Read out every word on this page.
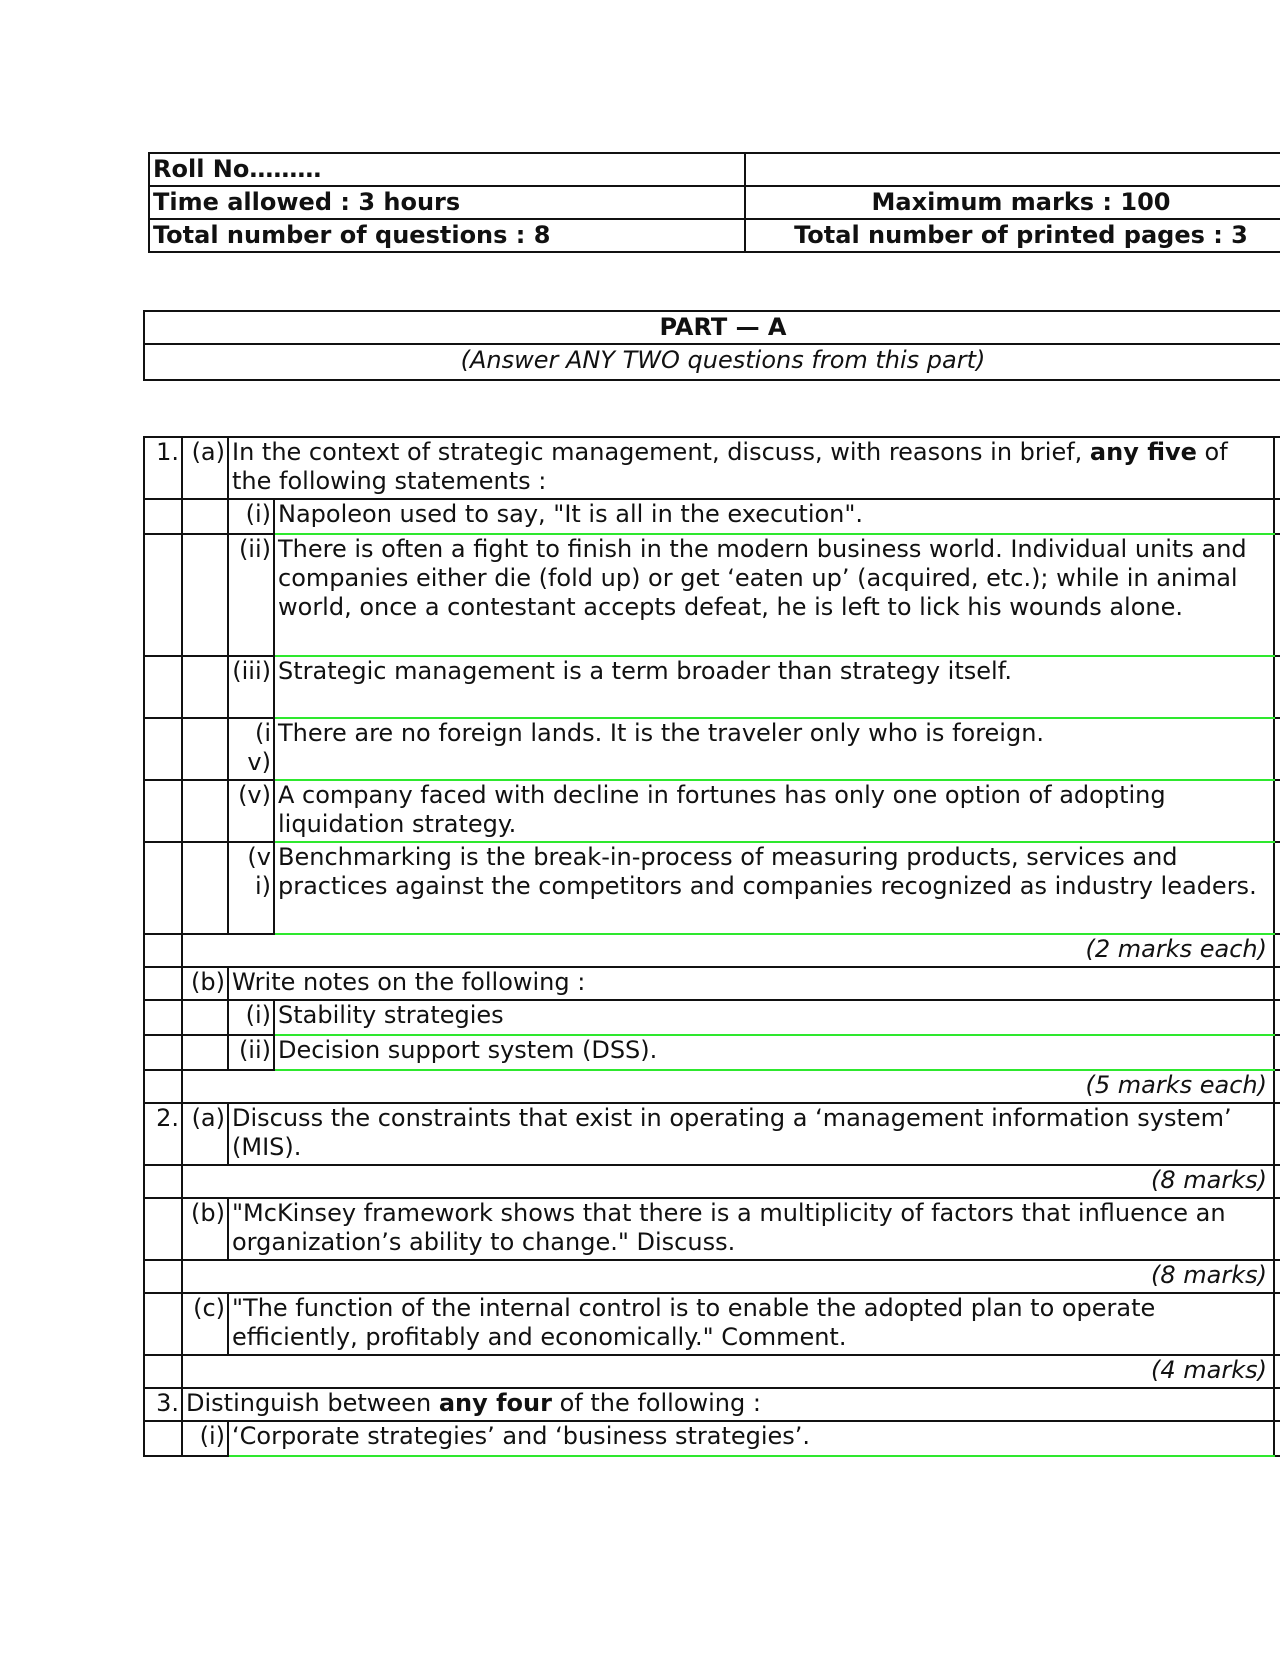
Roll No………	
Time allowed : 3 hours	Maximum marks : 100
Total number of questions : 8	Total number of printed pages : 3
PART — A
(Answer ANY TWO questions from this part)
1.	(a)	In the context of strategic management, discuss, with reasons in brief, any five of the following statements :		
		(i)	Napoleon used to say, "It is all in the execution".	
		(ii)	There is often a fight to finish in the modern business world. Individual units and companies either die (fold up) or get ‘eaten up’ (acquired, etc.); while in animal world, once a contestant accepts defeat, he is left to lick his wounds alone.	
		(iii)	Strategic management is a term broader than strategy itself.	
		(iv)	There are no foreign lands. It is the traveler only who is foreign.	
		(v)	A company faced with decline in fortunes has only one option of adopting liquidation strategy.	
		(vi)	Benchmarking is the break-in-process of measuring products, services and practices against the competitors and companies recognized as industry leaders.	
	(2 marks each)			
	(b)	Write notes on the following :		
		(i)	Stability strategies	
		(ii)	Decision support system (DSS).	
	(5 marks each)			
2.	(a)	Discuss the constraints that exist in operating a ‘management information system’ (MIS).		
	(8 marks)			
	(b)	"McKinsey framework shows that there is a multiplicity of factors that influence an organization’s ability to change." Discuss.		
	(8 marks)			
	(c)	"The function of the internal control is to enable the adopted plan to operate efficiently, profitably and economically." Comment.		
	(4 marks)			
3.	Distinguish between any four of the following :			
	(i)	‘Corporate strategies’ and ‘business strategies’.		
